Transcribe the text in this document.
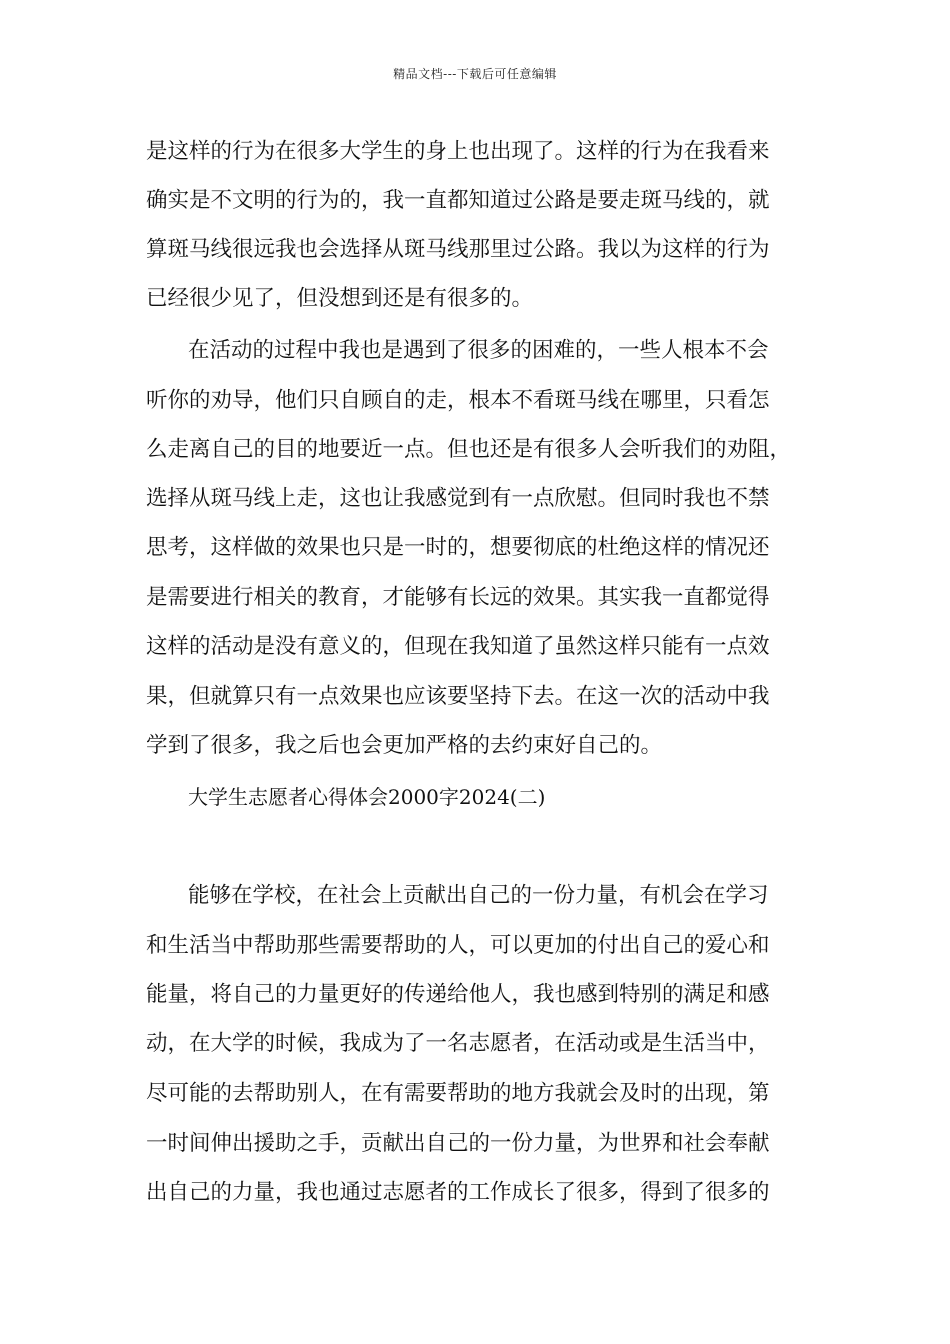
精品文档---下载后可任意编辑
是这样的行为在很多大学生的身上也出现了。这样的行为在我看来
确实是不文明的行为的，我一直都知道过公路是要走斑马线的，就
算斑马线很远我也会选择从斑马线那里过公路。我以为这样的行为
已经很少见了，但没想到还是有很多的。
在活动的过程中我也是遇到了很多的困难的，一些人根本不会
听你的劝导，他们只自顾自的走，根本不看斑马线在哪里，只看怎
么走离自己的目的地要近一点。但也还是有很多人会听我们的劝阻，
选择从斑马线上走，这也让我感觉到有一点欣慰。但同时我也不禁
思考，这样做的效果也只是一时的，想要彻底的杜绝这样的情况还
是需要进行相关的教育，才能够有长远的效果。其实我一直都觉得
这样的活动是没有意义的，但现在我知道了虽然这样只能有一点效
果，但就算只有一点效果也应该要坚持下去。在这一次的活动中我
学到了很多，我之后也会更加严格的去约束好自己的。
大学生志愿者心得体会2000字2024(二)
能够在学校，在社会上贡献出自己的一份力量，有机会在学习
和生活当中帮助那些需要帮助的人，可以更加的付出自己的爱心和
能量，将自己的力量更好的传递给他人，我也感到特别的满足和感
动，在大学的时候，我成为了一名志愿者，在活动或是生活当中，
尽可能的去帮助别人，在有需要帮助的地方我就会及时的出现，第
一时间伸出援助之手，贡献出自己的一份力量，为世界和社会奉献
出自己的力量，我也通过志愿者的工作成长了很多，得到了很多的
